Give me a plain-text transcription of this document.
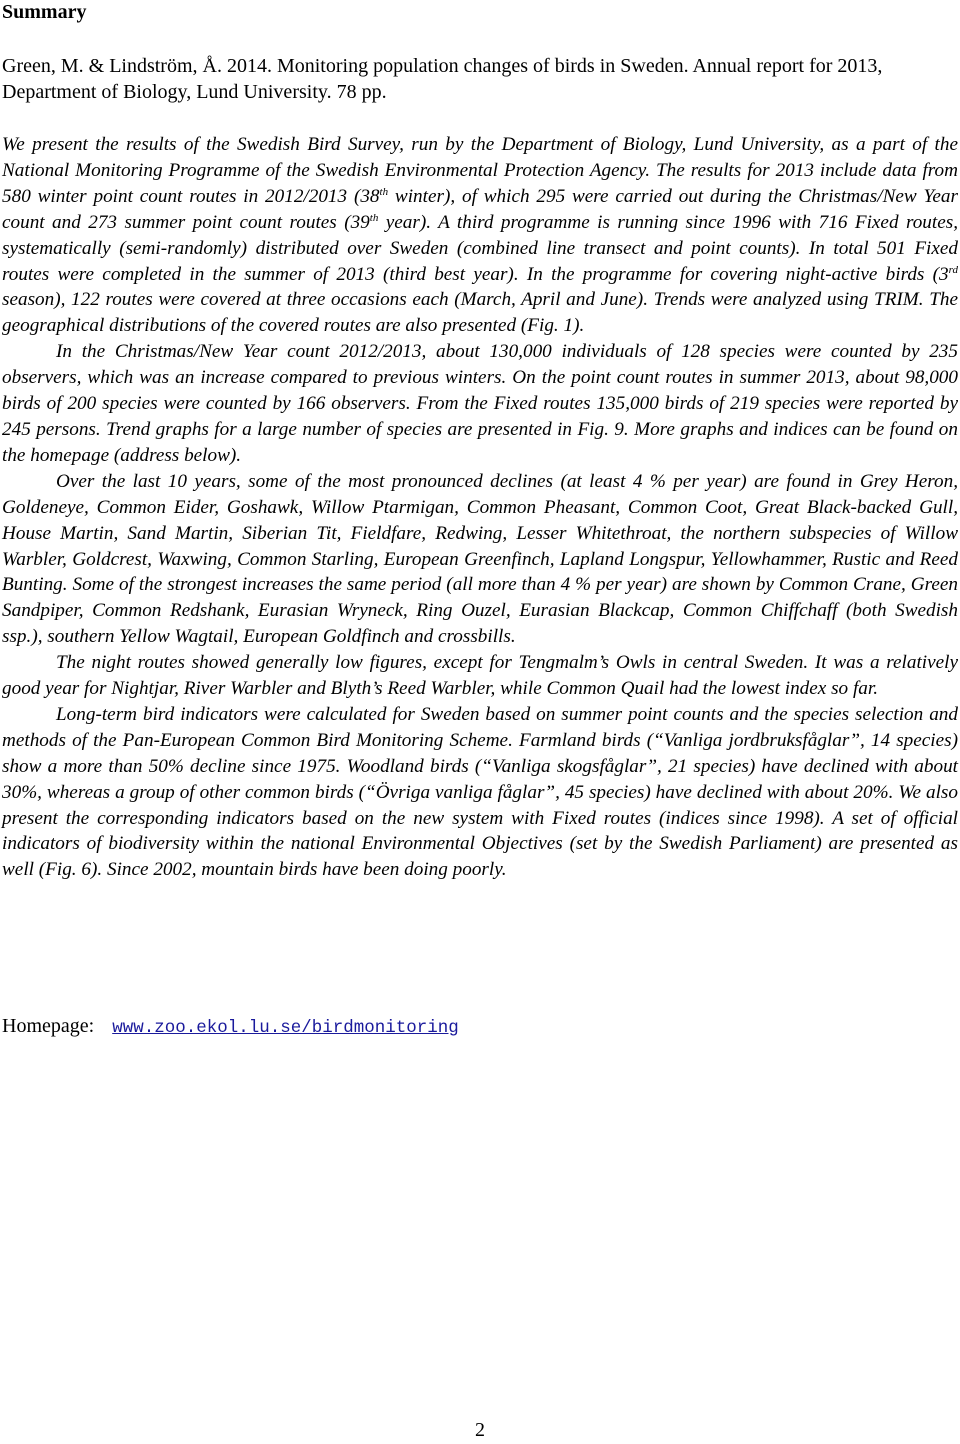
Summary
Green, M. & Lindström, Å. 2014. Monitoring population changes of birds in Sweden. Annual report for 2013, Department of Biology, Lund University. 78 pp.

We present the results of the Swedish Bird Survey, run by the Department of Biology, Lund University, as a part of the National Monitoring Programme of the Swedish Environmental Protection Agency. The results for 2013 include data from 580 winter point count routes in 2012/2013 (38th winter), of which 295 were carried out during the Christmas/New Year count and 273 summer point count routes (39th year). A third programme is running since 1996 with 716 Fixed routes, systematically (semi-randomly) distributed over Sweden (combined line transect and point counts). In total 501 Fixed routes were completed in the summer of 2013 (third best year). In the programme for covering night-active birds (3rd season), 122 routes were covered at three occasions each (March, April and June). Trends were analyzed using TRIM. The geographical distributions of the covered routes are also presented (Fig. 1).

In the Christmas/New Year count 2012/2013, about 130,000 individuals of 128 species were counted by 235 observers, which was an increase compared to previous winters. On the point count routes in summer 2013, about 98,000 birds of 200 species were counted by 166 observers. From the Fixed routes 135,000 birds of 219 species were reported by 245 persons. Trend graphs for a large number of species are presented in Fig. 9. More graphs and indices can be found on the homepage (address below).

Over the last 10 years, some of the most pronounced declines (at least 4 % per year) are found in Grey Heron, Goldeneye, Common Eider, Goshawk, Willow Ptarmigan, Common Pheasant, Common Coot, Great Black-backed Gull, House Martin, Sand Martin, Siberian Tit, Fieldfare, Redwing, Lesser Whitethroat, the northern subspecies of Willow Warbler, Goldcrest, Waxwing, Common Starling, European Greenfinch, Lapland Longspur, Yellowhammer, Rustic and Reed Bunting. Some of the strongest increases the same period (all more than 4 % per year) are shown by Common Crane, Green Sandpiper, Common Redshank, Eurasian Wryneck, Ring Ouzel, Eurasian Blackcap, Common Chiffchaff (both Swedish ssp.), southern Yellow Wagtail, European Goldfinch and crossbills.

The night routes showed generally low figures, except for Tengmalm’s Owls in central Sweden. It was a relatively good year for Nightjar, River Warbler and Blyth’s Reed Warbler, while Common Quail had the lowest index so far.

Long-term bird indicators were calculated for Sweden based on summer point counts and the species selection and methods of the Pan-European Common Bird Monitoring Scheme. Farmland birds (“Vanliga jordbruksfåglar”, 14 species) show a more than 50% decline since 1975. Woodland birds (“Vanliga skogsfåglar”, 21 species) have declined with about 30%, whereas a group of other common birds (“Övriga vanliga fåglar”, 45 species) have declined with about 20%. We also present the corresponding indicators based on the new system with Fixed routes (indices since 1998). A set of official indicators of biodiversity within the national Environmental Objectives (set by the Swedish Parliament) are presented as well (Fig. 6). Since 2002, mountain birds have been doing poorly.

Homepage: www.zoo.ekol.lu.se/birdmonitoring
2
